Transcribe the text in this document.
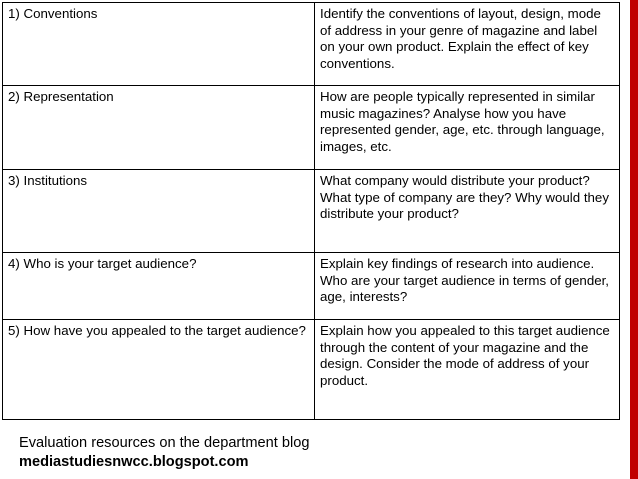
1) Conventions	Identify the conventions of layout, design, mode of address in your genre of magazine and label on your own product. Explain the effect of key conventions.
2) Representation	How are people typically represented in similar music magazines? Analyse how you have represented gender, age, etc. through language, images, etc.
3) Institutions	What company would distribute your product? What type of company are they? Why would they distribute your product?
4) Who is your target audience?	Explain key findings of research into audience. Who are your target audience in terms of gender, age, interests?
5) How have you appealed to the target audience?	Explain how you appealed to this target audience through the content of your magazine and the design. Consider the mode of address of your product.
Evaluation resources on the department blog
mediastudiesnwcc.blogspot.com
